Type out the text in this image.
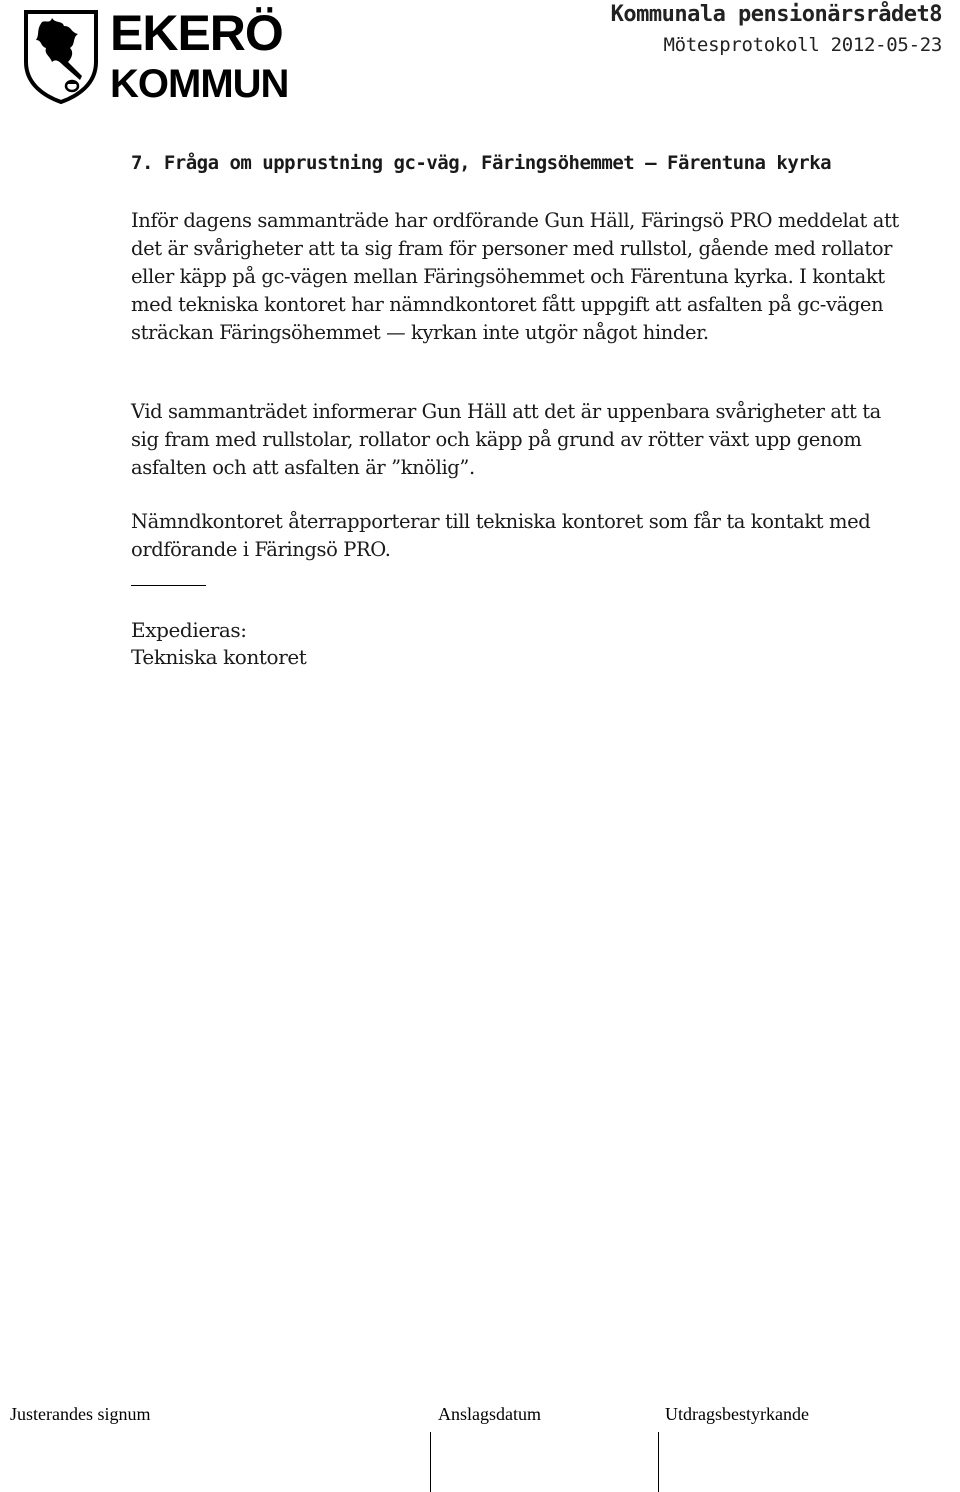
EKERÖ
KOMMUN
Kommunala pensionärsrådet8
Mötesprotokoll 2012-05-23
7. Fråga om upprustning gc-väg, Färingsöhemmet – Färentuna kyrka
Inför dagens sammanträde har ordförande Gun Häll, Färingsö PRO meddelat att det är svårigheter att ta sig fram för personer med rullstol, gående med rollator eller käpp på gc-vägen mellan Färingsöhemmet och Färentuna kyrka. I kontakt med tekniska kontoret har nämndkontoret fått uppgift att asfalten på gc-vägen sträckan Färingsöhemmet — kyrkan inte utgör något hinder.
Vid sammanträdet informerar Gun Häll att det är uppenbara svårigheter att ta sig fram med rullstolar, rollator och käpp på grund av rötter växt upp genom asfalten och att asfalten är ”knölig”.
Nämndkontoret återrapporterar till tekniska kontoret som får ta kontakt med ordförande i Färingsö PRO.
Expedieras:
Tekniska kontoret
Justerandes signum	Anslagsdatum	Utdragsbestyrkande
